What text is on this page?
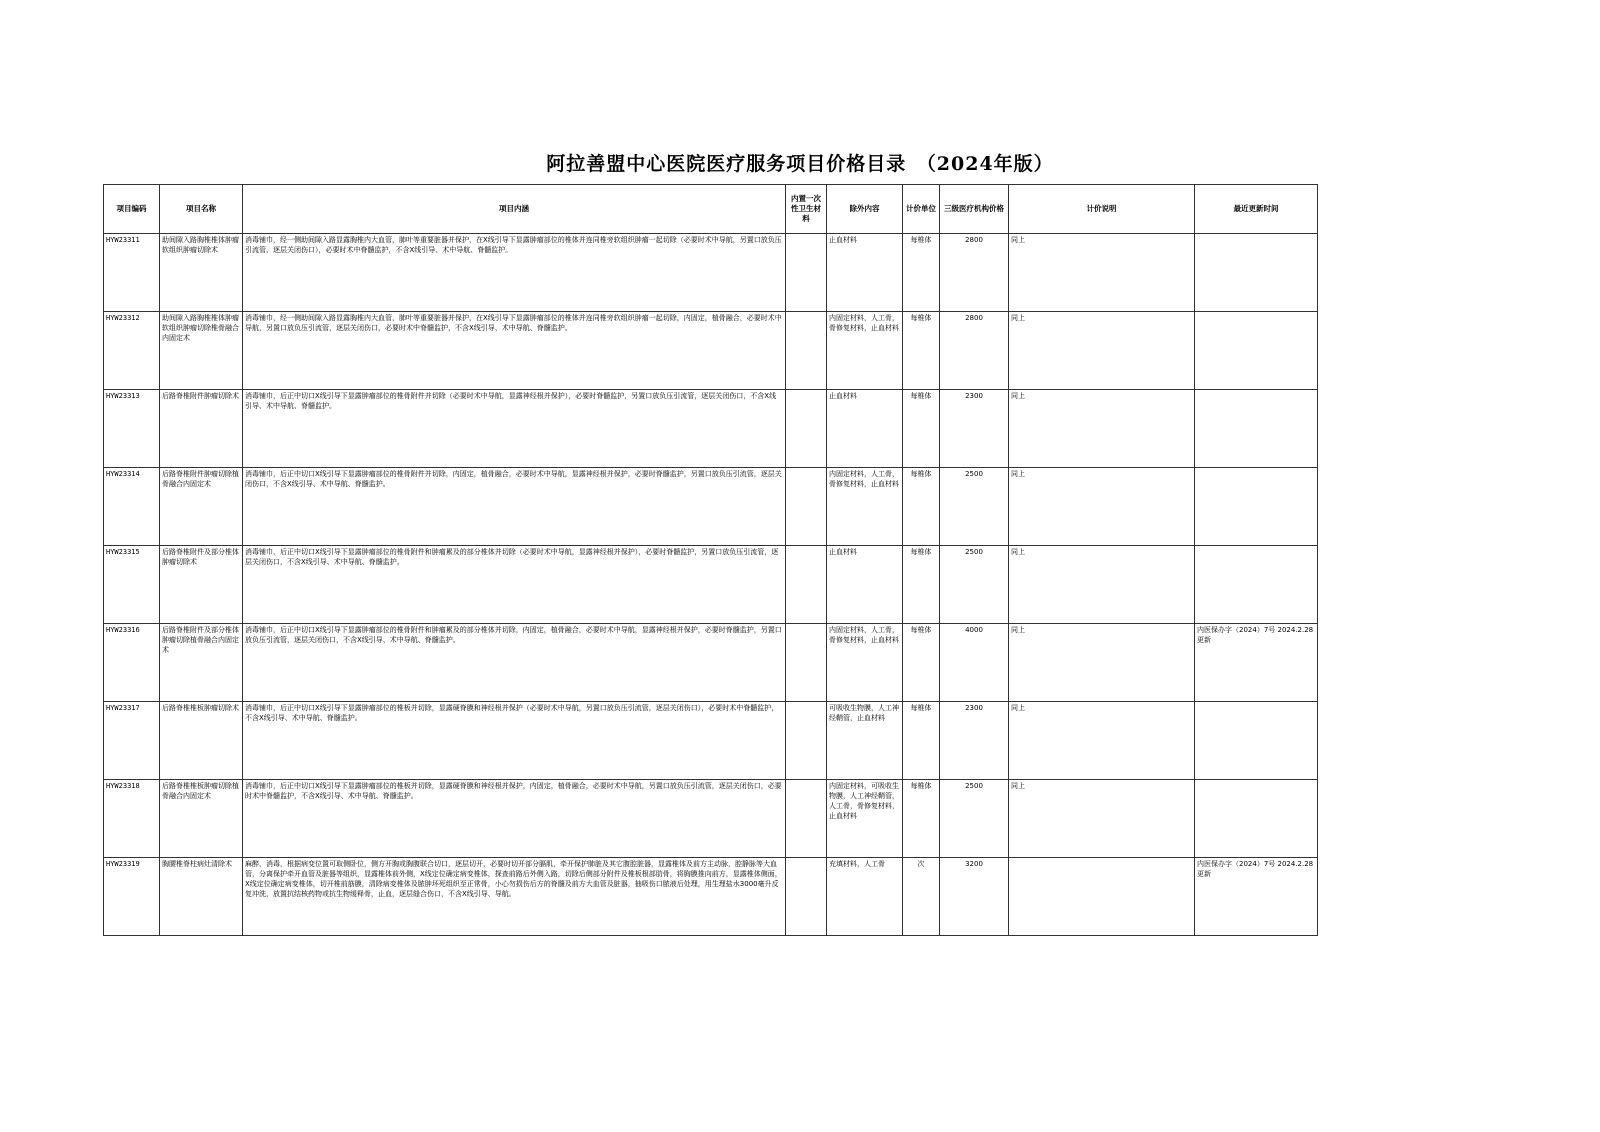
阿拉善盟中心医院医疗服务项目价格目录　（2024年版）
项目编码	项目名称	项目内涵	内置一次性卫生材料	除外内容	计价单位	三级医疗机构价格	计价说明	最近更新时间
HYW23311	助间隙入路胸椎椎体肿瘤软组织肿瘤切除术	消毒铺巾，经一侧助间隙入路显露胸椎内大血管，肺叶等重要脏器并保护，在X线引导下显露肿瘤部位的椎体并连同椎旁软组织肿瘤一起切除（必要时术中导航，另置口放负压引流管，逐层关闭伤口），必要时术中脊髓监护，不含X线引导、术中导航、脊髓监护。		止血材料	每椎体	2800	同上	
HYW23312	助间隙入路胸椎椎体肿瘤软组织肿瘤切除椎骨融合内固定术	消毒铺巾，经一侧助间隙入路显露胸椎内大血管，肺叶等重要脏器并保护，在X线引导下显露肿瘤部位的椎体并连同椎旁软组织肿瘤一起切除，内固定，植骨融合，必要时术中导航，另置口放负压引流管，逐层关闭伤口，必要时术中脊髓监护，不含X线引导、术中导航、脊髓监护。		内固定材料，人工骨，骨修复材料，止血材料	每椎体	2800	同上	
HYW23313	后路脊椎附件肿瘤切除术	消毒铺巾，后正中切口X线引导下显露肿瘤部位的椎骨附件并切除（必要时术中导航，显露神经根并保护），必要时脊髓监护，另置口放负压引流管，逐层关闭伤口，不含X线引导、术中导航、脊髓监护。		止血材料	每椎体	2300	同上	
HYW23314	后路脊椎附件肿瘤切除植骨融合内固定术	消毒铺巾，后正中切口X线引导下显露肿瘤部位的椎骨附件并切除，内固定，植骨融合，必要时术中导航，显露神经根并保护，必要时脊髓监护，另置口放负压引流管，逐层关闭伤口，不含X线引导、术中导航、脊髓监护。		内固定材料，人工骨，骨修复材料，止血材料	每椎体	2500	同上	
HYW23315	后路脊椎附件及部分椎体肿瘤切除术	消毒铺巾，后正中切口X线引导下显露肿瘤部位的椎骨附件和肿瘤累及的部分椎体并切除（必要时术中导航，显露神经根并保护），必要时脊髓监护，另置口放负压引流管，逐层关闭伤口，不含X线引导、术中导航、脊髓监护。		止血材料	每椎体	2500	同上	
HYW23316	后路脊椎附件及部分椎体肿瘤切除植骨融合内固定术	消毒铺巾，后正中切口X线引导下显露肿瘤部位的椎骨附件和肿瘤累及的部分椎体并切除，内固定，植骨融合，必要时术中导航，显露神经根并保护，必要时脊髓监护，另置口放负压引流管，逐层关闭伤口，不含X线引导、术中导航、脊髓监护。		内固定材料，人工骨，骨修复材料，止血材料	每椎体	4000	同上	内医保办字（2024）7号 2024.2.28更新
HYW23317	后路脊椎椎板肿瘤切除术	消毒铺巾，后正中切口X线引导下显露肿瘤部位的椎板并切除，显露硬脊膜和神经根并保护（必要时术中导航，另置口放负压引流管，逐层关闭伤口），必要时术中脊髓监护，不含X线引导、术中导航、脊髓监护。		可吸收生物膜，人工神经鞘管，止血材料	每椎体	2300	同上	
HYW23318	后路脊椎椎板肿瘤切除植骨融合内固定术	消毒铺巾，后正中切口X线引导下显露肿瘤部位的椎板并切除，显露硬脊膜和神经根并保护，内固定，植骨融合，必要时术中导航，另置口放负压引流管，逐层关闭伤口，必要时术中脊髓监护，不含X线引导、术中导航、脊髓监护。		内固定材料，可吸收生物膜，人工神经鞘管，人工骨，骨修复材料，止血材料	每椎体	2500	同上	
HYW23319	胸腰椎脊柱病灶清除术	麻醉，消毒，根据病变位置可取侧卧位，侧方开胸或胸腹联合切口，逐层切开，必要时切开部分膈肌，牵开保护肺脏及其它腹腔脏器，显露椎体及前方主动脉，腔静脉等大血管，分离保护牵开血管及脏器等组织，显露椎体前外侧，X线定位确定病变椎体，探查前路后外侧入路，切除后侧部分附件及椎板根部肋骨，将胸膜推向前方，显露椎体侧面，X线定位确定病变椎体，切开椎前筋膜，清除病变椎体及脓肿坏死组织至正常骨，小心勿损伤后方的脊髓及前方大血管及脏器，抽吸伤口脓液后处理，用生理盐水3000毫升反复冲洗，放置抗结核药物或抗生物缓释骨，止血，逐层缝合伤口，不含X线引导、导航。		充填材料，人工骨	次	3200		内医保办字（2024）7号 2024.2.28更新
